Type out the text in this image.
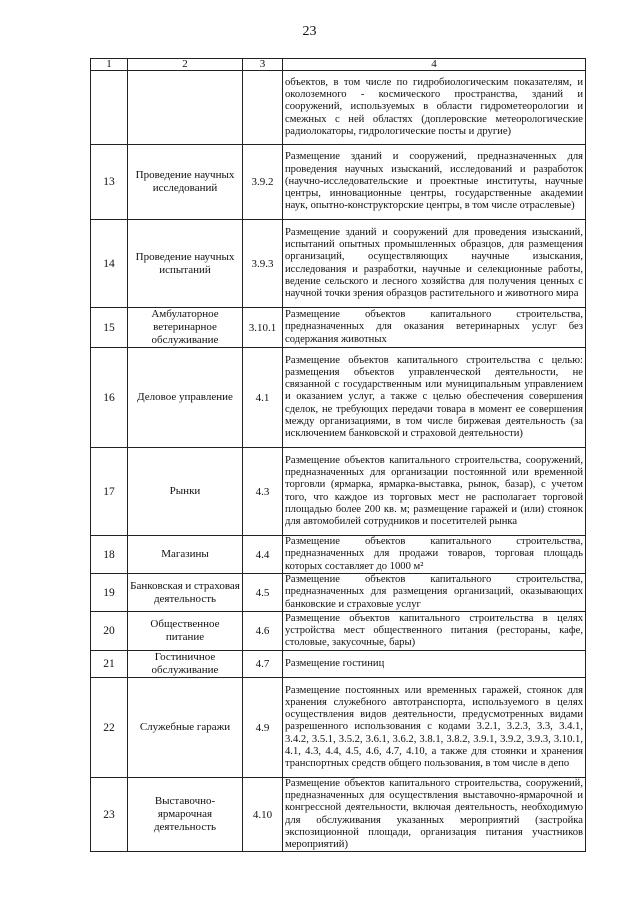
23
1	2	3	4
			объектов, в том числе по гидробиологическим показателям, и околоземного - космического пространства, зданий и сооружений, используемых в области гидрометеорологии и смежных с ней областях (доплеровские метеорологические радиолокаторы, гидрологические посты и другие)
13	Проведение научных исследований	3.9.2	Размещение зданий и сооружений, предназначенных для проведения научных изысканий, исследований и разработок (научно-исследовательские и проектные институты, научные центры, инновационные центры, государственные академии наук, опытно-конструкторские центры, в том числе отраслевые)
14	Проведение научных испытаний	3.9.3	Размещение зданий и сооружений для проведения изысканий, испытаний опытных промышленных образцов, для размещения организаций, осуществляющих научные изыскания, исследования и разработки, научные и селекционные работы, ведение сельского и лесного хозяйства для получения ценных с научной точки зрения образцов растительного и животного мира
15	Амбулаторное ветеринарное обслуживание	3.10.1	Размещение объектов капитального строительства, предназначенных для оказания ветеринарных услуг без содержания животных
16	Деловое управление	4.1	Размещение объектов капитального строительства с целью: размещения объектов управленческой деятельности, не связанной с государственным или муниципальным управлением и оказанием услуг, а также с целью обеспечения совершения сделок, не требующих передачи товара в момент ее совершения между организациями, в том числе биржевая деятельность (за исключением банковской и страховой деятельности)
17	Рынки	4.3	Размещение объектов капитального строительства, сооружений, предназначенных для организации постоянной или временной торговли (ярмарка, ярмарка-выставка, рынок, базар), с учетом того, что каждое из торговых мест не располагает торговой площадью более 200 кв. м; размещение гаражей и (или) стоянок для автомобилей сотрудников и посетителей рынка
18	Магазины	4.4	Размещение объектов капитального строительства, предназначенных для продажи товаров, торговая площадь которых составляет до 1000 м²
19	Банковская и страховая деятельность	4.5	Размещение объектов капитального строительства, предназначенных для размещения организаций, оказывающих банковские и страховые услуг
20	Общественное питание	4.6	Размещение объектов капитального строительства в целях устройства мест общественного питания (рестораны, кафе, столовые, закусочные, бары)
21	Гостиничное обслуживание	4.7	Размещение гостиниц
22	Служебные гаражи	4.9	Размещение постоянных или временных гаражей, стоянок для хранения служебного автотранспорта, используемого в целях осуществления видов деятельности, предусмотренных видами разрешенного использования с кодами 3.2.1, 3.2.3, 3.3, 3.4.1, 3.4.2, 3.5.1, 3.5.2, 3.6.1, 3.6.2, 3.8.1, 3.8.2, 3.9.1, 3.9.2, 3.9.3, 3.10.1, 4.1, 4.3, 4.4, 4.5, 4.6, 4.7, 4.10, а также для стоянки и хранения транспортных средств общего пользования, в том числе в депо
23	Выставочно-ярмарочная деятельность	4.10	Размещение объектов капитального строительства, сооружений, предназначенных для осуществления выставочно-ярмарочной и конгрессной деятельности, включая деятельность, необходимую для обслуживания указанных мероприятий (застройка экспозиционной площади, организация питания участников мероприятий)
